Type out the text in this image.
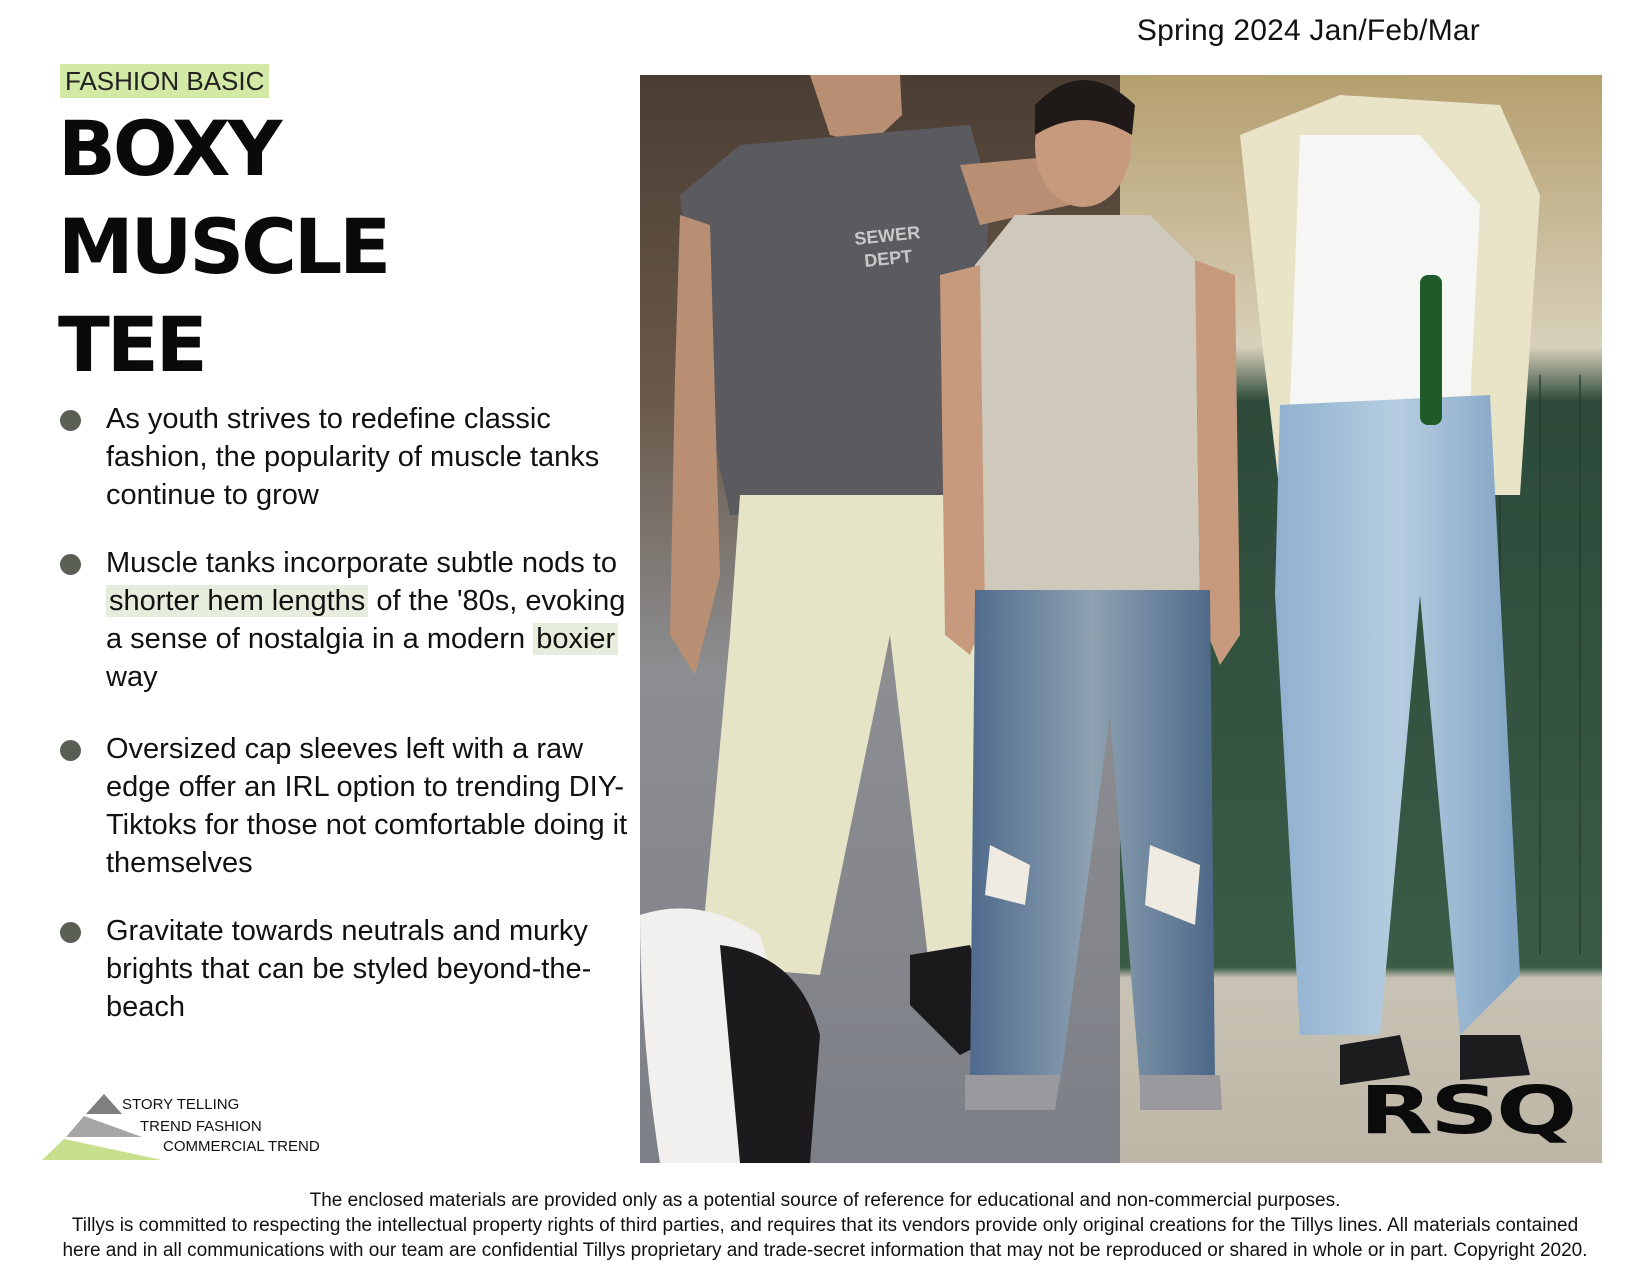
Spring 2024 Jan/Feb/Mar
FASHION BASIC
BOXY
MUSCLE
TEE
As youth strives to redefine classic fashion, the popularity of muscle tanks continue to grow
Muscle tanks incorporate subtle nods to shorter hem lengths of the '80s, evoking a sense of nostalgia in a modern boxier way
Oversized cap sleeves left with a raw edge offer an IRL option to trending DIY-Tiktoks for those not comfortable doing it themselves
Gravitate towards neutrals and murky brights that can be styled beyond-the-beach
STORY TELLING
TREND FASHION
COMMERCIAL TREND
SEWER
DEPT
RSQ
The enclosed materials are provided only as a potential source of reference for educational and non-commercial purposes.
Tillys is committed to respecting the intellectual property rights of third parties, and requires that its vendors provide only original creations for the Tillys lines. All materials contained
here and in all communications with our team are confidential Tillys proprietary and trade-secret information that may not be reproduced or shared in whole or in part. Copyright 2020.
